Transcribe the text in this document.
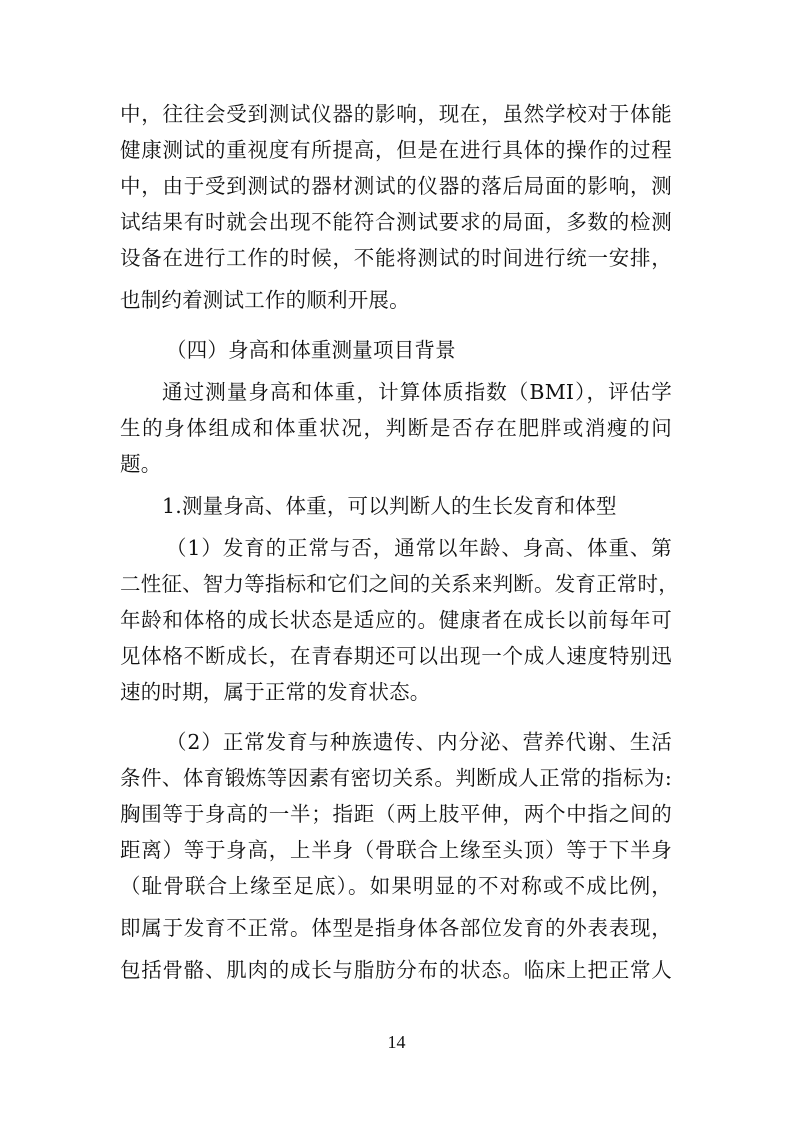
中，往往会受到测试仪器的影响，现在，虽然学校对于体能
健康测试的重视度有所提高，但是在进行具体的操作的过程
中，由于受到测试的器材测试的仪器的落后局面的影响，测
试结果有时就会出现不能符合测试要求的局面，多数的检测
设备在进行工作的时候，不能将测试的时间进行统一安排，
也制约着测试工作的顺利开展。
（四）身高和体重测量项目背景
通过测量身高和体重，计算体质指数（BMI），评估学
生的身体组成和体重状况，判断是否存在肥胖或消瘦的问
题。
1.测量身高、体重，可以判断人的生长发育和体型
（1）发育的正常与否，通常以年龄、身高、体重、第
二性征、智力等指标和它们之间的关系来判断。发育正常时，
年龄和体格的成长状态是适应的。健康者在成长以前每年可
见体格不断成长，在青春期还可以出现一个成人速度特别迅
速的时期，属于正常的发育状态。
（2）正常发育与种族遗传、内分泌、营养代谢、生活
条件、体育锻炼等因素有密切关系。判断成人正常的指标为:
胸围等于身高的一半；指距（两上肢平伸，两个中指之间的
距离）等于身高，上半身（骨联合上缘至头顶）等于下半身
（耻骨联合上缘至足底）。如果明显的不对称或不成比例，
即属于发育不正常。体型是指身体各部位发育的外表表现，
包括骨骼、肌肉的成长与脂肪分布的状态。临床上把正常人
14
